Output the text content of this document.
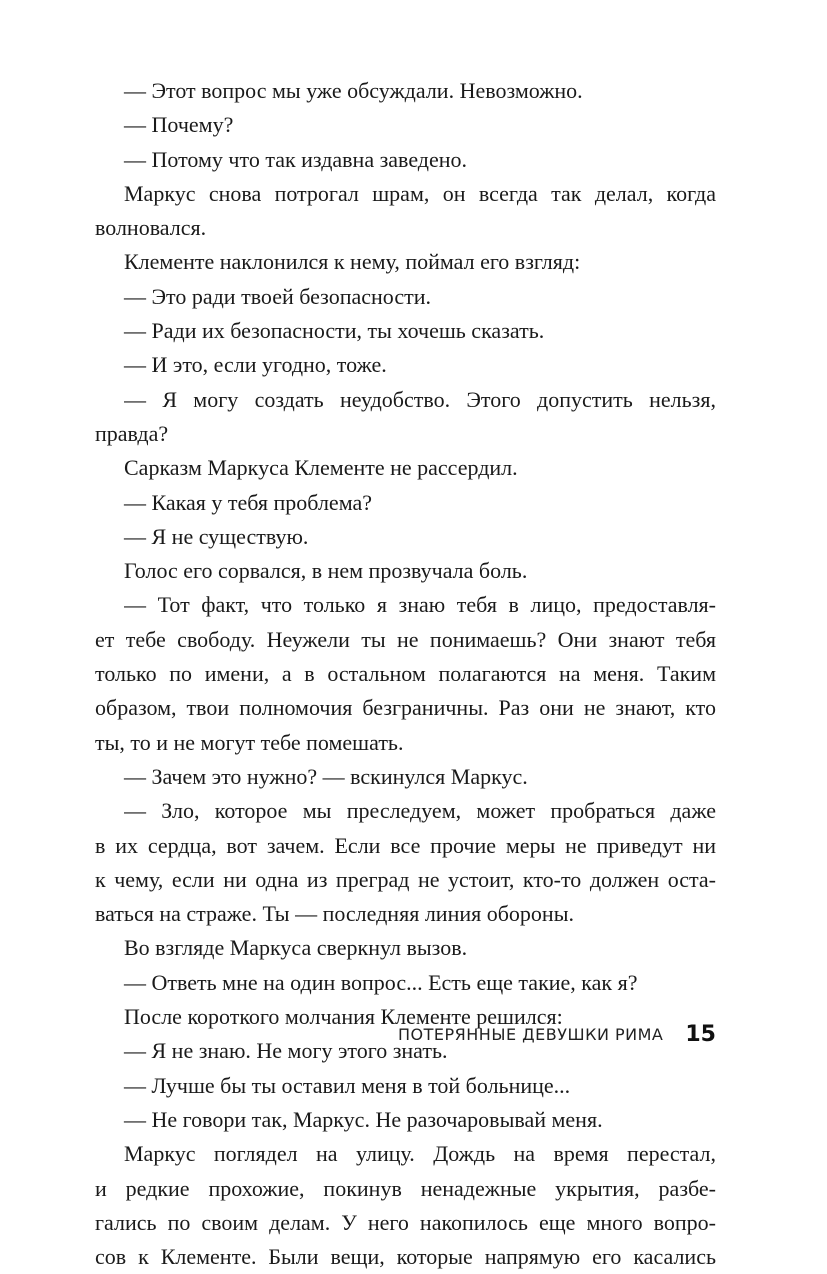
— Этот вопрос мы уже обсуждали. Невозможно.
— Почему?
— Потому что так издавна заведено.
Маркус снова потрогал шрам, он всегда так делал, когда
волновался.
Клементе наклонился к нему, поймал его взгляд:
— Это ради твоей безопасности.
— Ради их безопасности, ты хочешь сказать.
— И это, если угодно, тоже.
— Я могу создать неудобство. Этого допустить нельзя,
правда?
Сарказм Маркуса Клементе не рассердил.
— Какая у тебя проблема?
— Я не существую.
Голос его сорвался, в нем прозвучала боль.
— Тот факт, что только я знаю тебя в лицо, предоставля-
ет тебе свободу. Неужели ты не понимаешь? Они знают тебя
только по имени, а в остальном полагаются на меня. Таким
образом, твои полномочия безграничны. Раз они не знают, кто
ты, то и не могут тебе помешать.
— Зачем это нужно? — вскинулся Маркус.
— Зло, которое мы преследуем, может пробраться даже
в их сердца, вот зачем. Если все прочие меры не приведут ни
к чему, если ни одна из преград не устоит, кто-то должен оста-
ваться на страже. Ты — последняя линия обороны.
Во взгляде Маркуса сверкнул вызов.
— Ответь мне на один вопрос... Есть еще такие, как я?
После короткого молчания Клементе решился:
— Я не знаю. Не могу этого знать.
— Лучше бы ты оставил меня в той больнице...
— Не говори так, Маркус. Не разочаровывай меня.
Маркус поглядел на улицу. Дождь на время перестал,
и редкие прохожие, покинув ненадежные укрытия, разбе-
гались по своим делам. У него накопилось еще много вопро-
сов к Клементе. Были вещи, которые напрямую его касались
ПОТЕРЯННЫЕ ДЕВУШКИ РИМА 15
